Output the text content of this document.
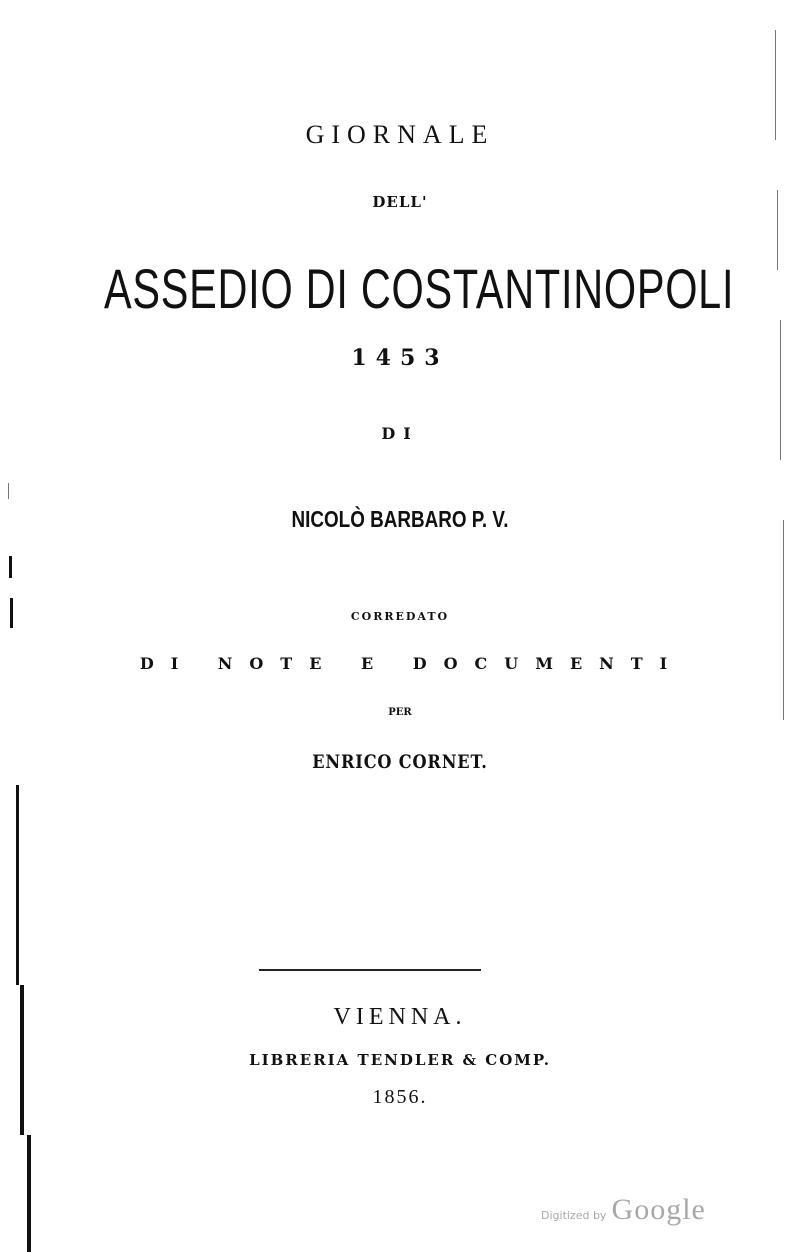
GIORNALE
DELL'
ASSEDIO DI COSTANTINOPOLI
1453
DI
NICOLÒ BARBARO P. V.
CORREDATO
DI NOTE E DOCUMENTI
PER
ENRICO CORNET.
VIENNA.
LIBRERIA TENDLER & COMP.
1856.
Digitized by Google
